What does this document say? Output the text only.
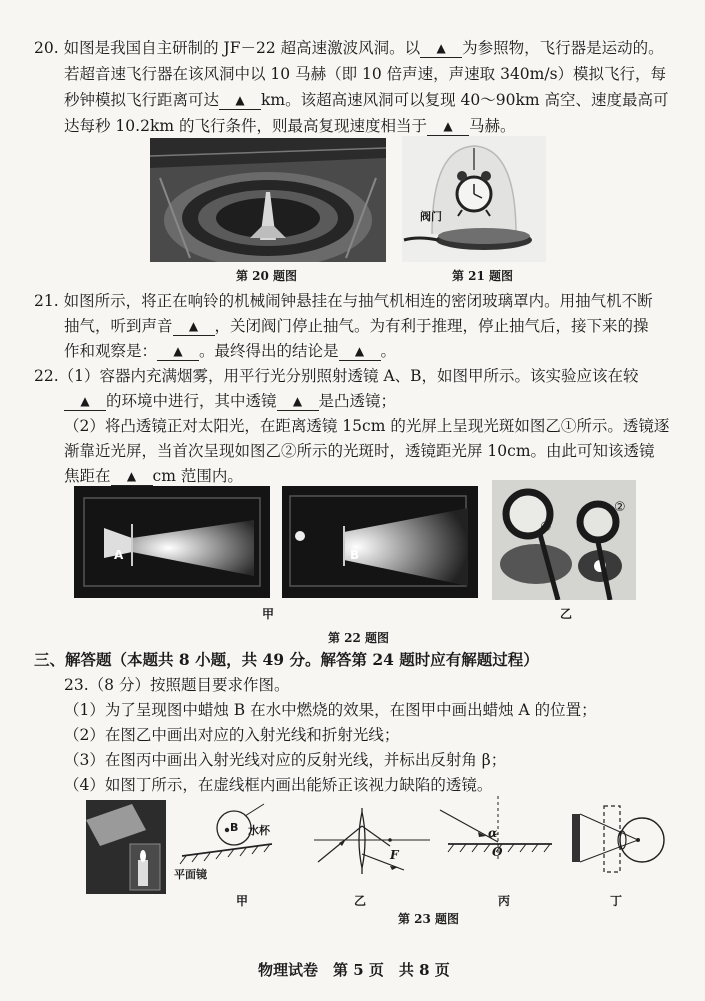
20. 如图是我国自主研制的 JF－22 超高速激波风洞。以 ▲ 为参照物，飞行器是运动的。
若超音速飞行器在该风洞中以 10 马赫（即 10 倍声速，声速取 340m/s）模拟飞行，每
秒钟模拟飞行距离可达 ▲ km。该超高速风洞可以复现 40～90km 高空、速度最高可
达每秒 10.2km 的飞行条件，则最高复现速度相当于 ▲ 马赫。
第 20 题图
阀门
第 21 题图
21. 如图所示，将正在响铃的机械闹钟悬挂在与抽气机相连的密闭玻璃罩内。用抽气机不断
抽气，听到声音 ▲ ，关闭阀门停止抽气。为有利于推理，停止抽气后，接下来的操
作和观察是： ▲ 。最终得出的结论是 ▲ 。
22.（1）容器内充满烟雾，用平行光分别照射透镜 A、B，如图甲所示。该实验应该在较
▲ 的环境中进行，其中透镜 ▲ 是凸透镜；
（2）将凸透镜正对太阳光，在距离透镜 15cm 的光屏上呈现光斑如图乙①所示。透镜逐
渐靠近光屏，当首次呈现如图乙②所示的光斑时，透镜距光屏 10cm。由此可知该透镜
焦距在 ▲ cm 范围内。
A	B
①
②
甲	乙
第 22 题图
三、解答题（本题共 8 小题，共 49 分。解答第 24 题时应有解题过程）
23.（8 分）按照题目要求作图。
（1）为了呈现图中蜡烛 B 在水中燃烧的效果，在图甲中画出蜡烛 A 的位置；
（2）在图乙中画出对应的入射光线和折射光线；
（3）在图丙中画出入射光线对应的反射光线，并标出反射角 β；
（4）如图丁所示，在虚线框内画出能矫正该视力缺陷的透镜。
水杯
B
平面镜
F
α
O
甲	乙	丙	丁
第 23 题图
物理试卷　第 5 页　共 8 页
